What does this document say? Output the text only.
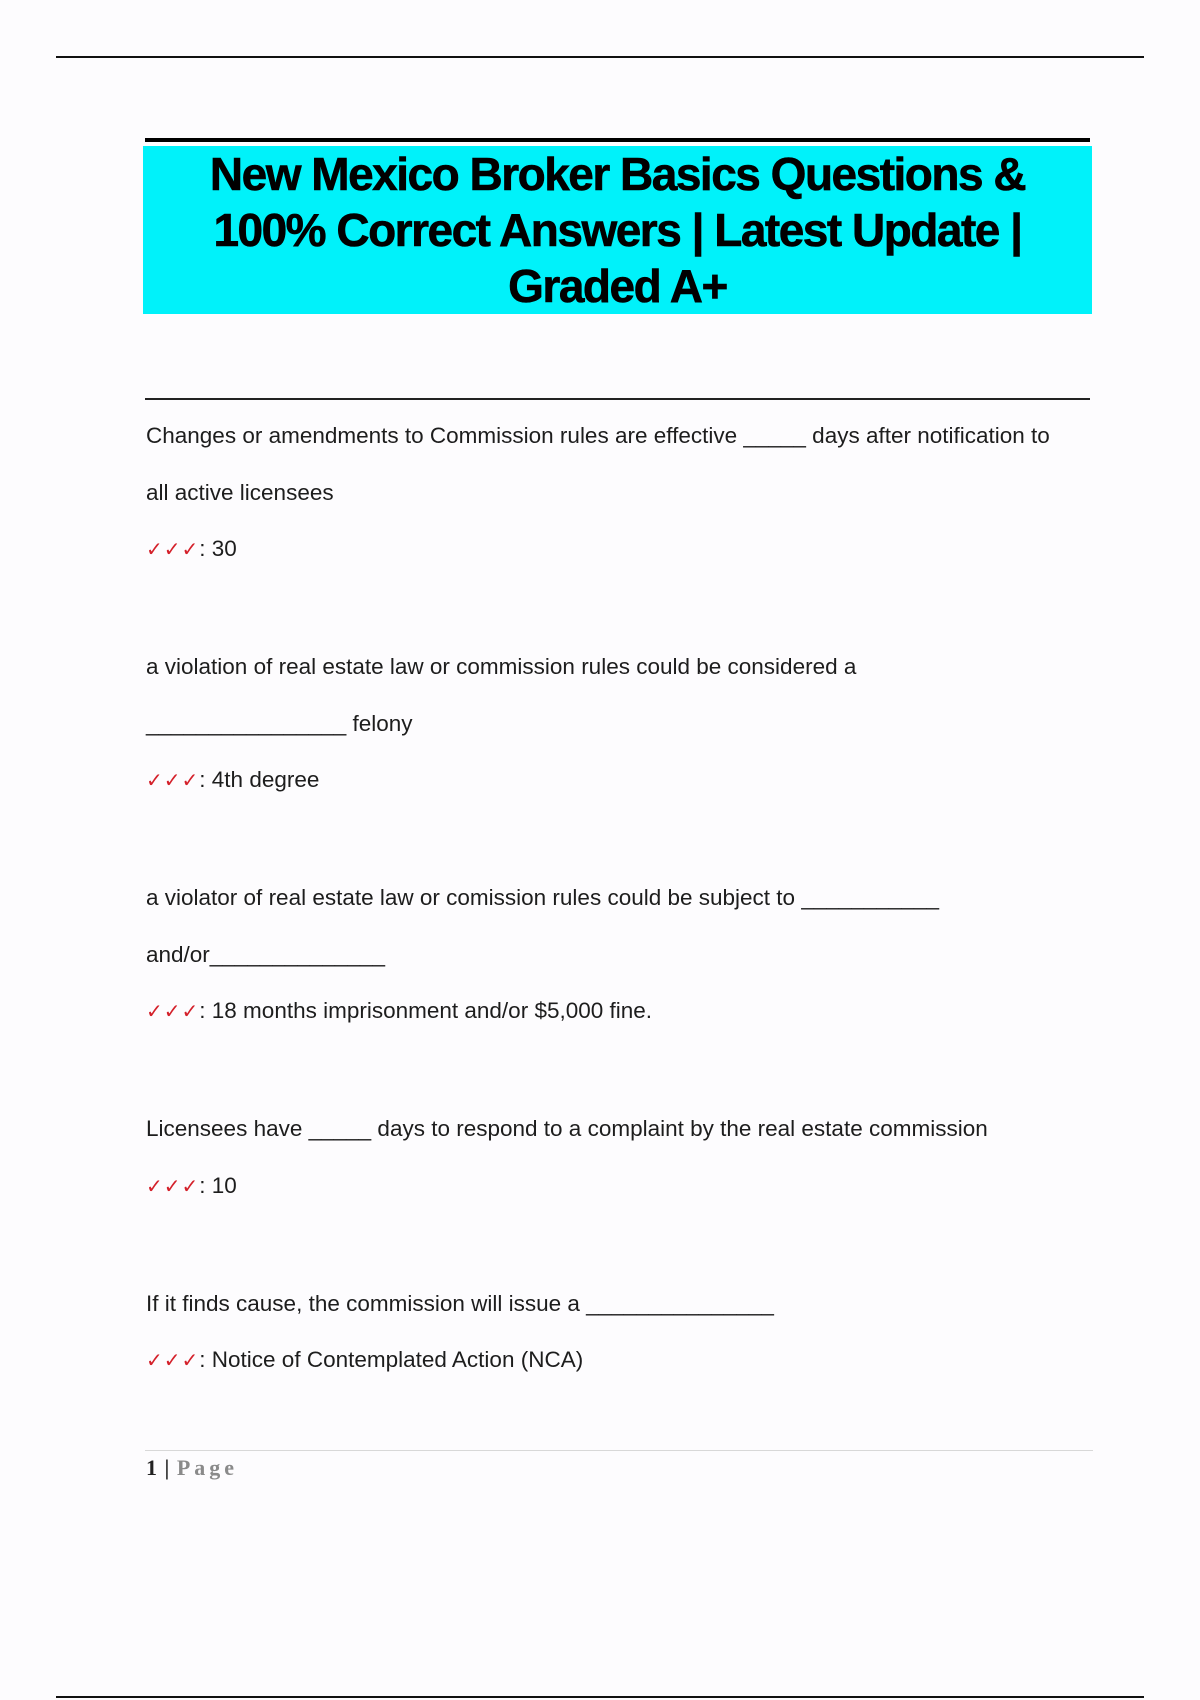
New Mexico Broker Basics Questions & 100% Correct Answers | Latest Update | Graded A+

Changes or amendments to Commission rules are effective _____ days after notification to all active licensees

✓✓✓: 30

a violation of real estate law or commission rules could be considered a ________________ felony

✓✓✓: 4th degree

a violator of real estate law or comission rules could be subject to ___________ and/or______________

✓✓✓: 18 months imprisonment and/or $5,000 fine.

Licensees have _____ days to respond to a complaint by the real estate commission

✓✓✓: 10

If it finds cause, the commission will issue a _______________

✓✓✓: Notice of Contemplated Action (NCA)

1 | Page
